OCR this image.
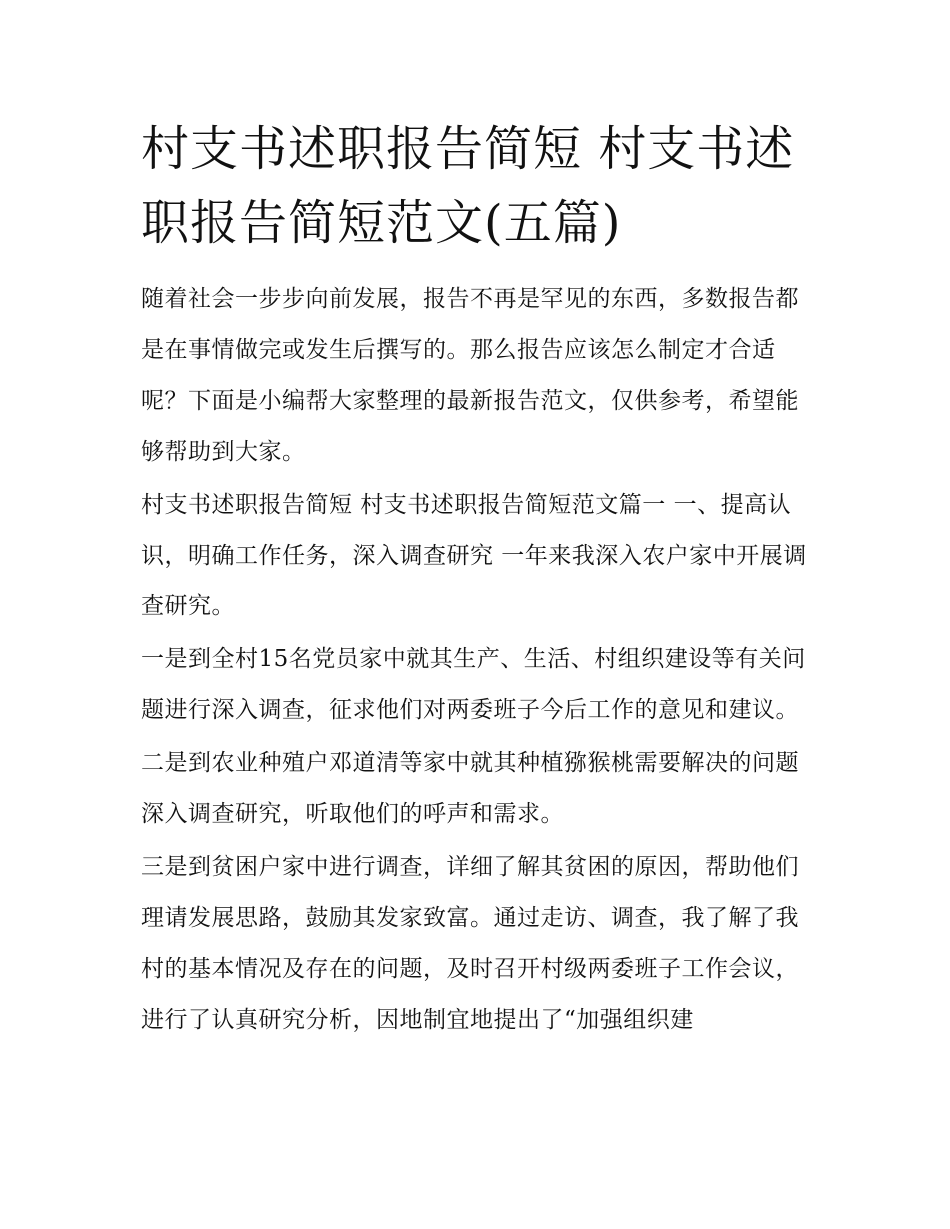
村支书述职报告简短 村支书述职报告简短范文(五篇)

随着社会一步步向前发展，报告不再是罕见的东西，多数报告都是在事情做完或发生后撰写的。那么报告应该怎么制定才合适呢？下面是小编帮大家整理的最新报告范文，仅供参考，希望能够帮助到大家。

村支书述职报告简短 村支书述职报告简短范文篇一 一、提高认识，明确工作任务，深入调查研究 一年来我深入农户家中开展调查研究。

一是到全村15名党员家中就其生产、生活、村组织建设等有关问题进行深入调查，征求他们对两委班子今后工作的意见和建议。

二是到农业种殖户邓道清等家中就其种植猕猴桃需要解决的问题深入调查研究，听取他们的呼声和需求。

三是到贫困户家中进行调查，详细了解其贫困的原因，帮助他们理请发展思路，鼓励其发家致富。通过走访、调查，我了解了我村的基本情况及存在的问题，及时召开村级两委班子工作会议，进行了认真研究分析，因地制宜地提出了“加强组织建
